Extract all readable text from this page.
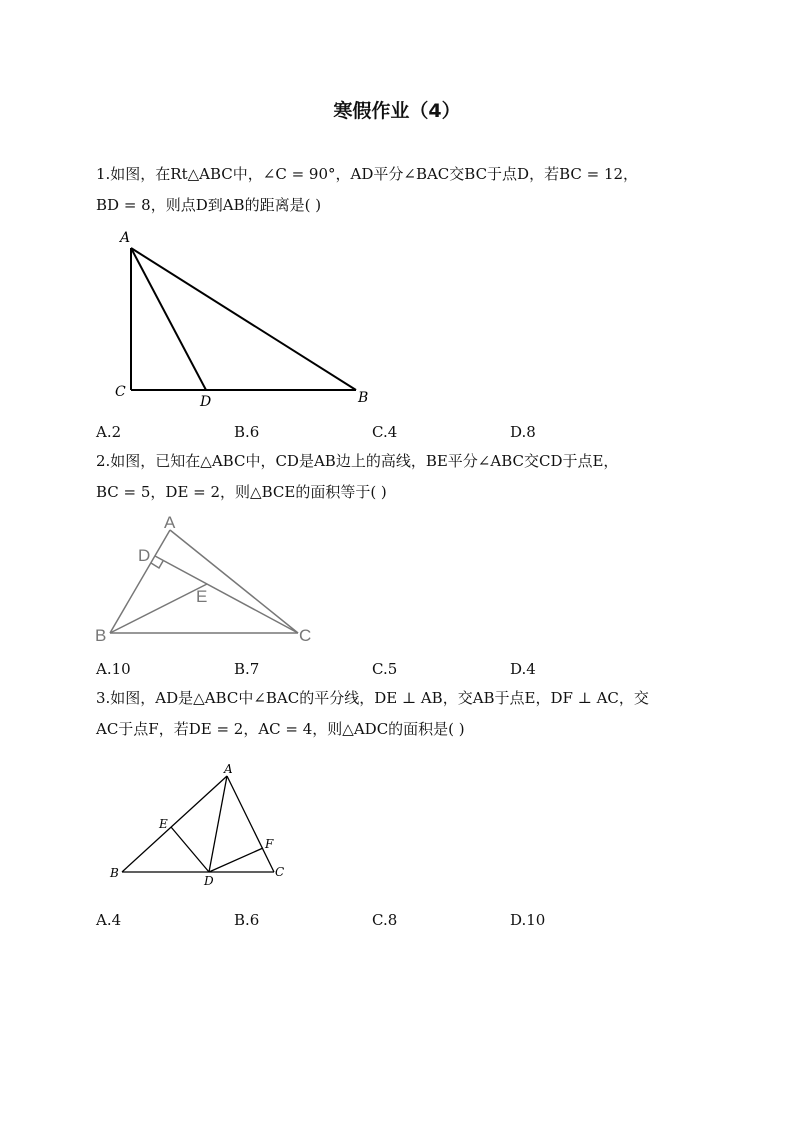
寒假作业（4）
1.如图，在Rt△ABC中，∠C = 90°，AD平分∠BAC交BC于点D，若BC = 12，
BD = 8，则点D到AB的距离是( )
A
C
D	B
A.2	B.6	C.4	D.8
2.如图，已知在△ABC中，CD是AB边上的高线，BE平分∠ABC交CD于点E，
BC = 5，DE = 2，则△BCE的面积等于( )
A
D
E
B	C
A.10	B.7	C.5	D.4
3.如图，AD是△ABC中∠BAC的平分线，DE ⊥ AB，交AB于点E，DF ⊥ AC，交
AC于点F，若DE = 2，AC = 4，则△ADC的面积是( )
A
E
F
B
D
C
A.4	B.6	C.8	D.10
